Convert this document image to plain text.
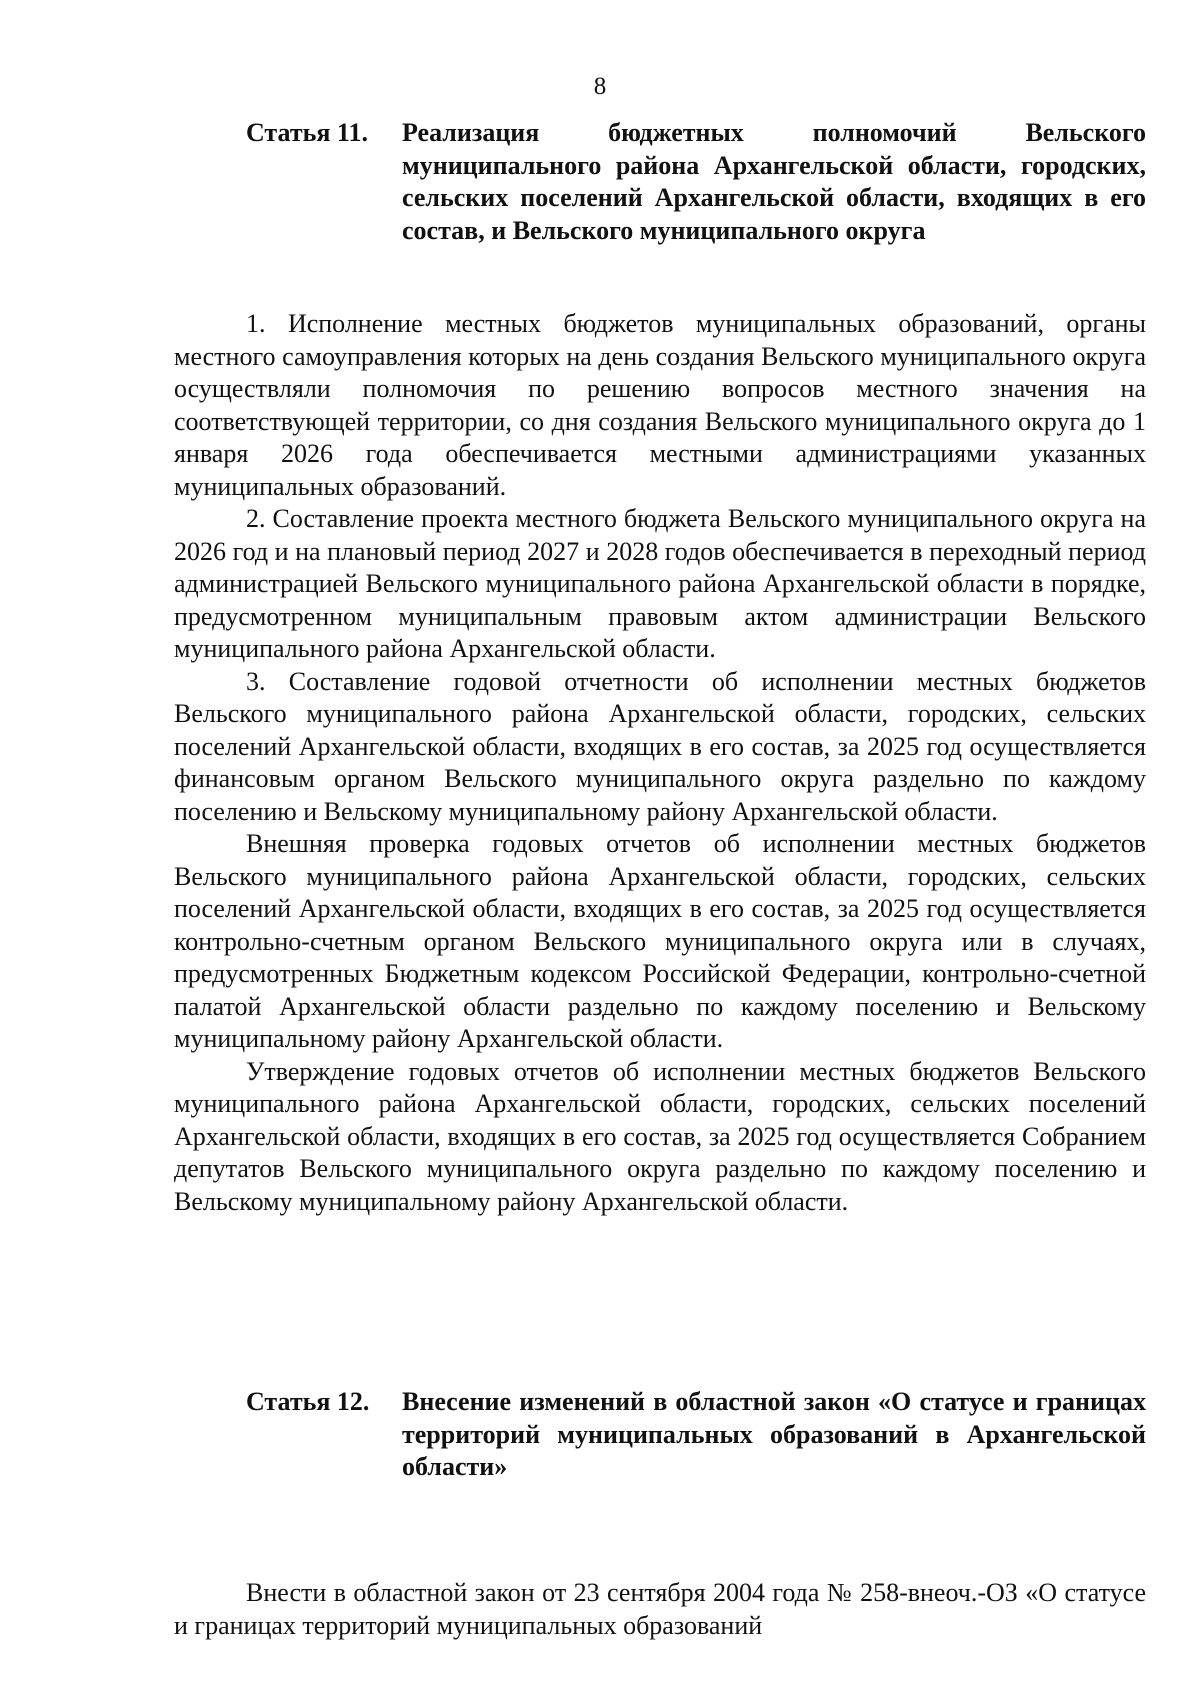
8
Статья 11.	Реализация бюджетных полномочий Вельского муниципального района Архангельской области, городских, сельских поселений Архангельской области, входящих в его состав, и Вельского муниципального округа

1. Исполнение местных бюджетов муниципальных образований, органы местного самоуправления которых на день создания Вельского муниципального округа осуществляли полномочия по решению вопросов местного значения на соответствующей территории, со дня создания Вельского муниципального округа до 1 января 2026 года обеспечивается местными администрациями указанных муниципальных образований.

2. Составление проекта местного бюджета Вельского муниципального округа на 2026 год и на плановый период 2027 и 2028 годов обеспечивается в переходный период администрацией Вельского муниципального района Архангельской области в порядке, предусмотренном муниципальным правовым актом администрации Вельского муниципального района Архангельской области.

3. Составление годовой отчетности об исполнении местных бюджетов Вельского муниципального района Архангельской области, городских, сельских поселений Архангельской области, входящих в его состав, за 2025 год осуществляется финансовым органом Вельского муниципального округа раздельно по каждому поселению и Вельскому муниципальному району Архангельской области.

Внешняя проверка годовых отчетов об исполнении местных бюджетов Вельского муниципального района Архангельской области, городских, сельских поселений Архангельской области, входящих в его состав, за 2025 год осуществляется контрольно-счетным органом Вельского муниципального округа или в случаях, предусмотренных Бюджетным кодексом Российской Федерации, контрольно-счетной палатой Архангельской области раздельно по каждому поселению и Вельскому муниципальному району Архангельской области.

Утверждение годовых отчетов об исполнении местных бюджетов Вельского муниципального района Архангельской области, городских, сельских поселений Архангельской области, входящих в его состав, за 2025 год осуществляется Собранием депутатов Вельского муниципального округа раздельно по каждому поселению и Вельскому муниципальному району Архангельской области.

Статья 12.	Внесение изменений в областной закон «О статусе и границах территорий муниципальных образований в Архангельской области»

Внести в областной закон от 23 сентября 2004 года № 258-внеоч.-ОЗ «О статусе и границах территорий муниципальных образований
